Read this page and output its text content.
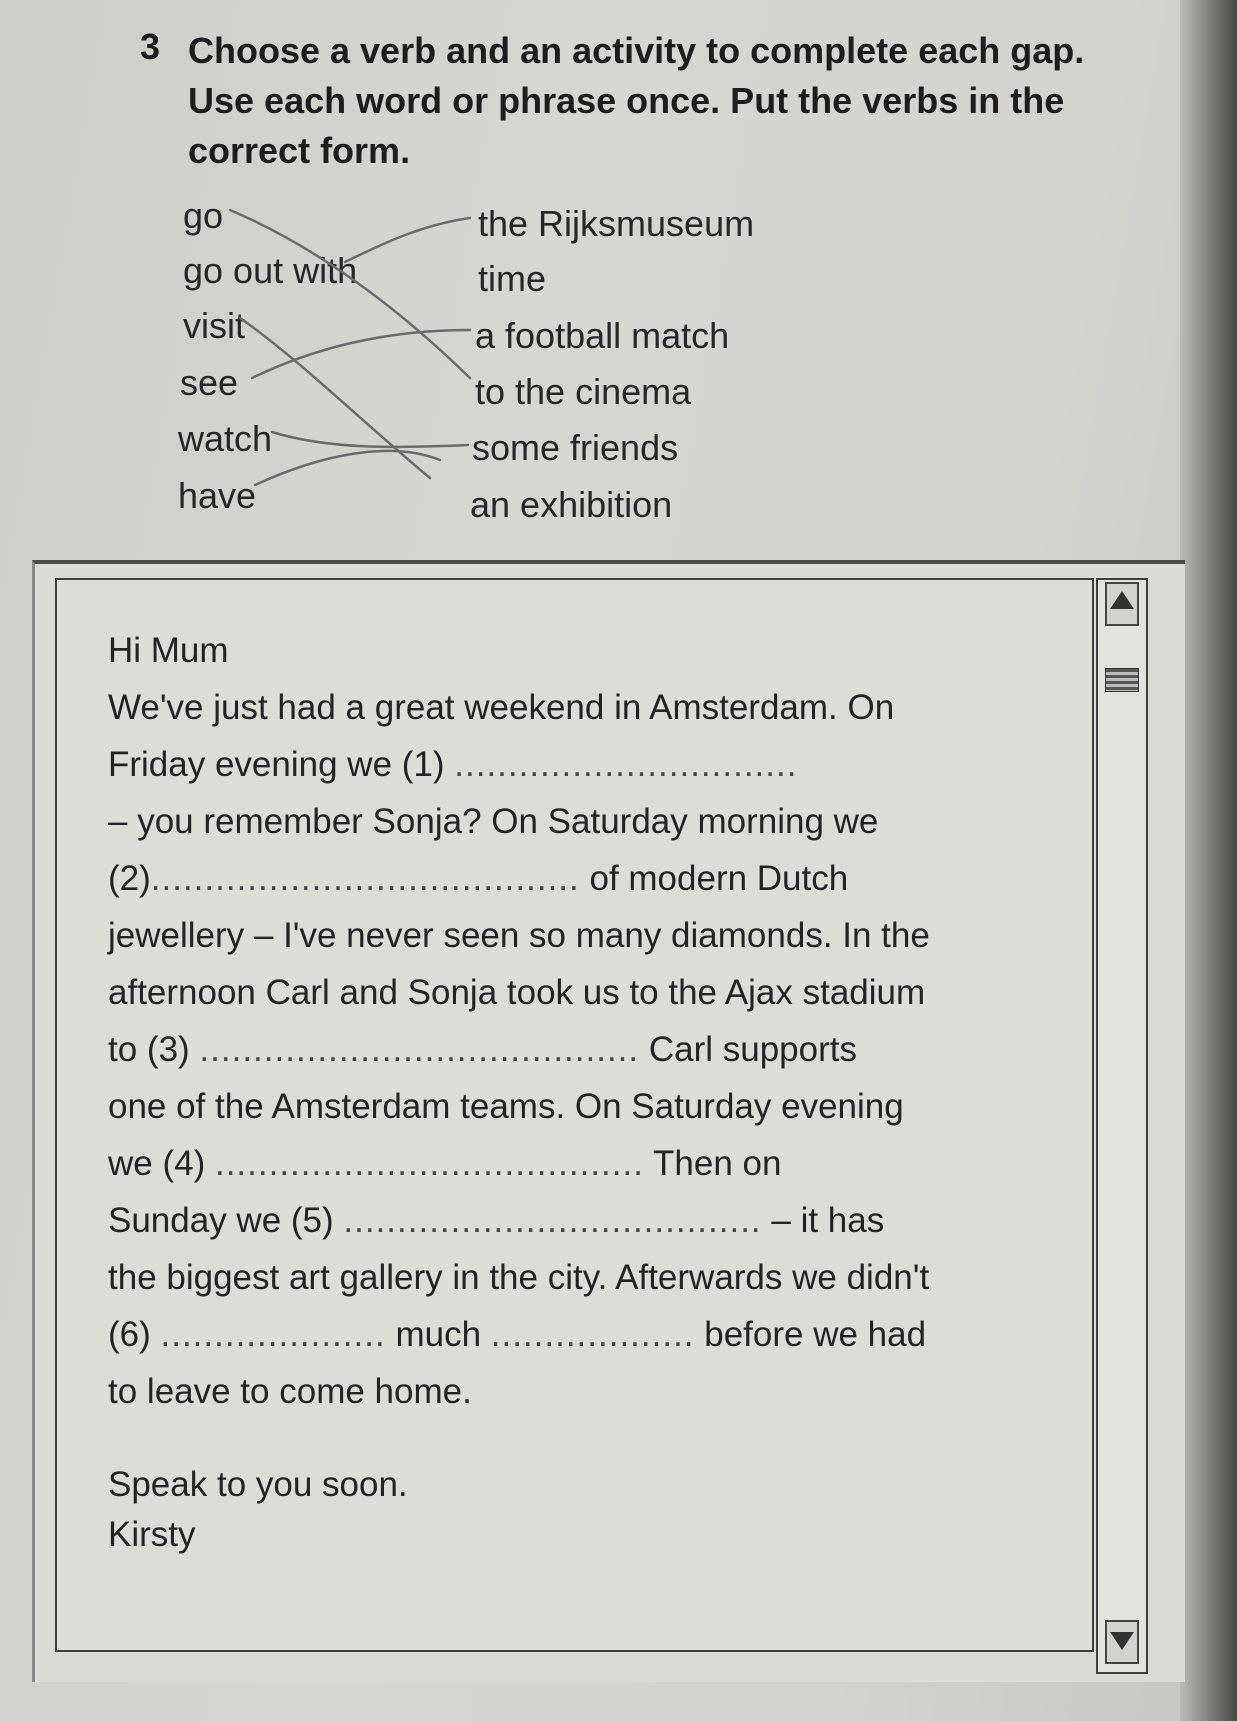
3 Choose a verb and an activity to complete each gap. Use each word or phrase once. Put the verbs in the correct form.
go
go out with
visit
see
watch
have
the Rijksmuseum
time
a football match
to the cinema
some friends
an exhibition

Hi Mum

We've just had a great weekend in Amsterdam. On

Friday evening we (1) ................................

– you remember Sonja? On Saturday morning we

(2)........................................ of modern Dutch

jewellery – I've never seen so many diamonds. In the

afternoon Carl and Sonja took us to the Ajax stadium

to (3) ......................................... Carl supports

one of the Amsterdam teams. On Saturday evening

we (4) ........................................ Then on

Sunday we (5) ....................................... – it has

the biggest art gallery in the city. Afterwards we didn't

(6) ..................... much ................... before we had

to leave to come home.

Speak to you soon.

Kirsty
